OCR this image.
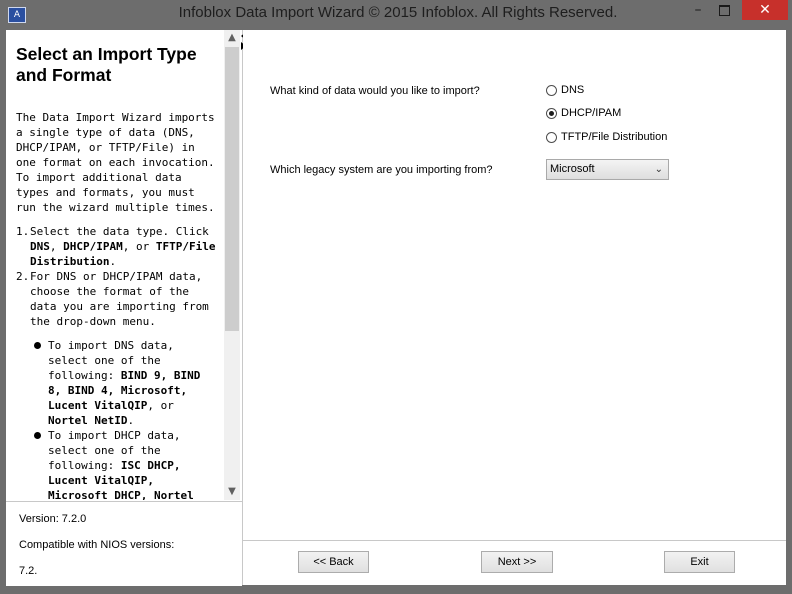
A	Infoblox Data Import Wizard © 2015 Infoblox. All Rights Reserved.	–	✕
Select an Import Type and Format

The Data Import Wizard imports a single type of data (DNS, DHCP/IPAM, or TFTP/File) in one format on each invocation. To import additional data types and formats, you must run the wizard multiple times.

1. Select the data type. Click DNS, DHCP/IPAM, or TFTP/File Distribution.
2. For DNS or DHCP/IPAM data, choose the format of the data you are importing from the drop-down menu.
To import DNS data, select one of the following: BIND 9, BIND 8, BIND 4, Microsoft, Lucent VitalQIP, or Nortel NetID.
To import DHCP data, select one of the following: ISC DHCP, Lucent VitalQIP, Microsoft DHCP, Nortel
▲
▼
Version: 7.2.0
Compatible with NIOS versions:
7.2.
What kind of data would you like to import?	DNS
DHCP/IPAM
TFTP/File Distribution
Which legacy system are you importing from?	Microsoft	⌄
<< Back	Next >>	Exit
